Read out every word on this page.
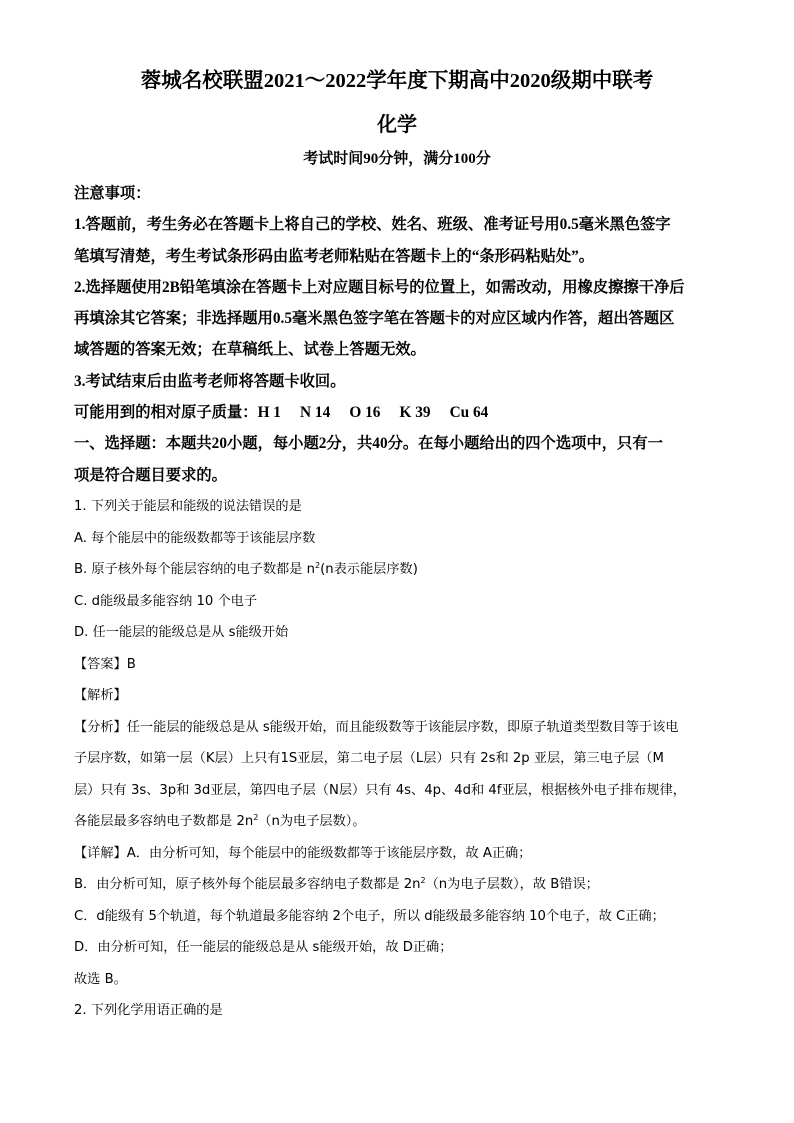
蓉城名校联盟2021～2022学年度下期高中2020级期中联考
化学
考试时间90分钟，满分100分

注意事项：

1.答题前，考生务必在答题卡上将自己的学校、姓名、班级、准考证号用0.5毫米黑色签字

笔填写清楚，考生考试条形码由监考老师粘贴在答题卡上的“条形码粘贴处”。

2.选择题使用2B铅笔填涂在答题卡上对应题目标号的位置上，如需改动，用橡皮擦擦干净后

再填涂其它答案；非选择题用0.5毫米黑色签字笔在答题卡的对应区域内作答，超出答题区

域答题的答案无效；在草稿纸上、试卷上答题无效。

3.考试结束后由监考老师将答题卡收回。

可能用到的相对原子质量：H 1　 N 14　 O 16　 K 39　 Cu 64

一、选择题：本题共20小题，每小题2分，共40分。在每小题给出的四个选项中，只有一

项是符合题目要求的。

1. 下列关于能层和能级的说法错误的是

A. 每个能层中的能级数都等于该能层序数

B. 原子核外每个能层容纳的电子数都是 $n^2(n$表示能层序数)

C. d能级最多能容纳 10 个电子

D. 任一能层的能级总是从 s能级开始

【答案】B

【解析】

【分析】任一能层的能级总是从 s能级开始，而且能级数等于该能层序数，即原子轨道类型数目等于该电

子层序数，如第一层（K层）上只有1S亚层，第二电子层（L层）只有 2s和 2p 亚层，第三电子层（M

层）只有 3s、3p和 3d亚层，第四电子层（N层）只有 4s、4p、4d和 4f亚层，根据核外电子排布规律，

各能层最多容纳电子数都是 $2n^2(n$为电子层数）。

【详解】A．由分析可知，每个能层中的能级数都等于该能层序数，故 A正确；

B．由分析可知，原子核外每个能层最多容纳电子数都是 $2n^2(n$为电子层数），故 B错误；

C．d能级有 5个轨道，每个轨道最多能容纳 2个电子，所以 d能级最多能容纳 10个电子，故 C正确；

D．由分析可知，任一能层的能级总是从 s能级开始，故 D正确；

故选 B。

2. 下列化学用语正确的是
